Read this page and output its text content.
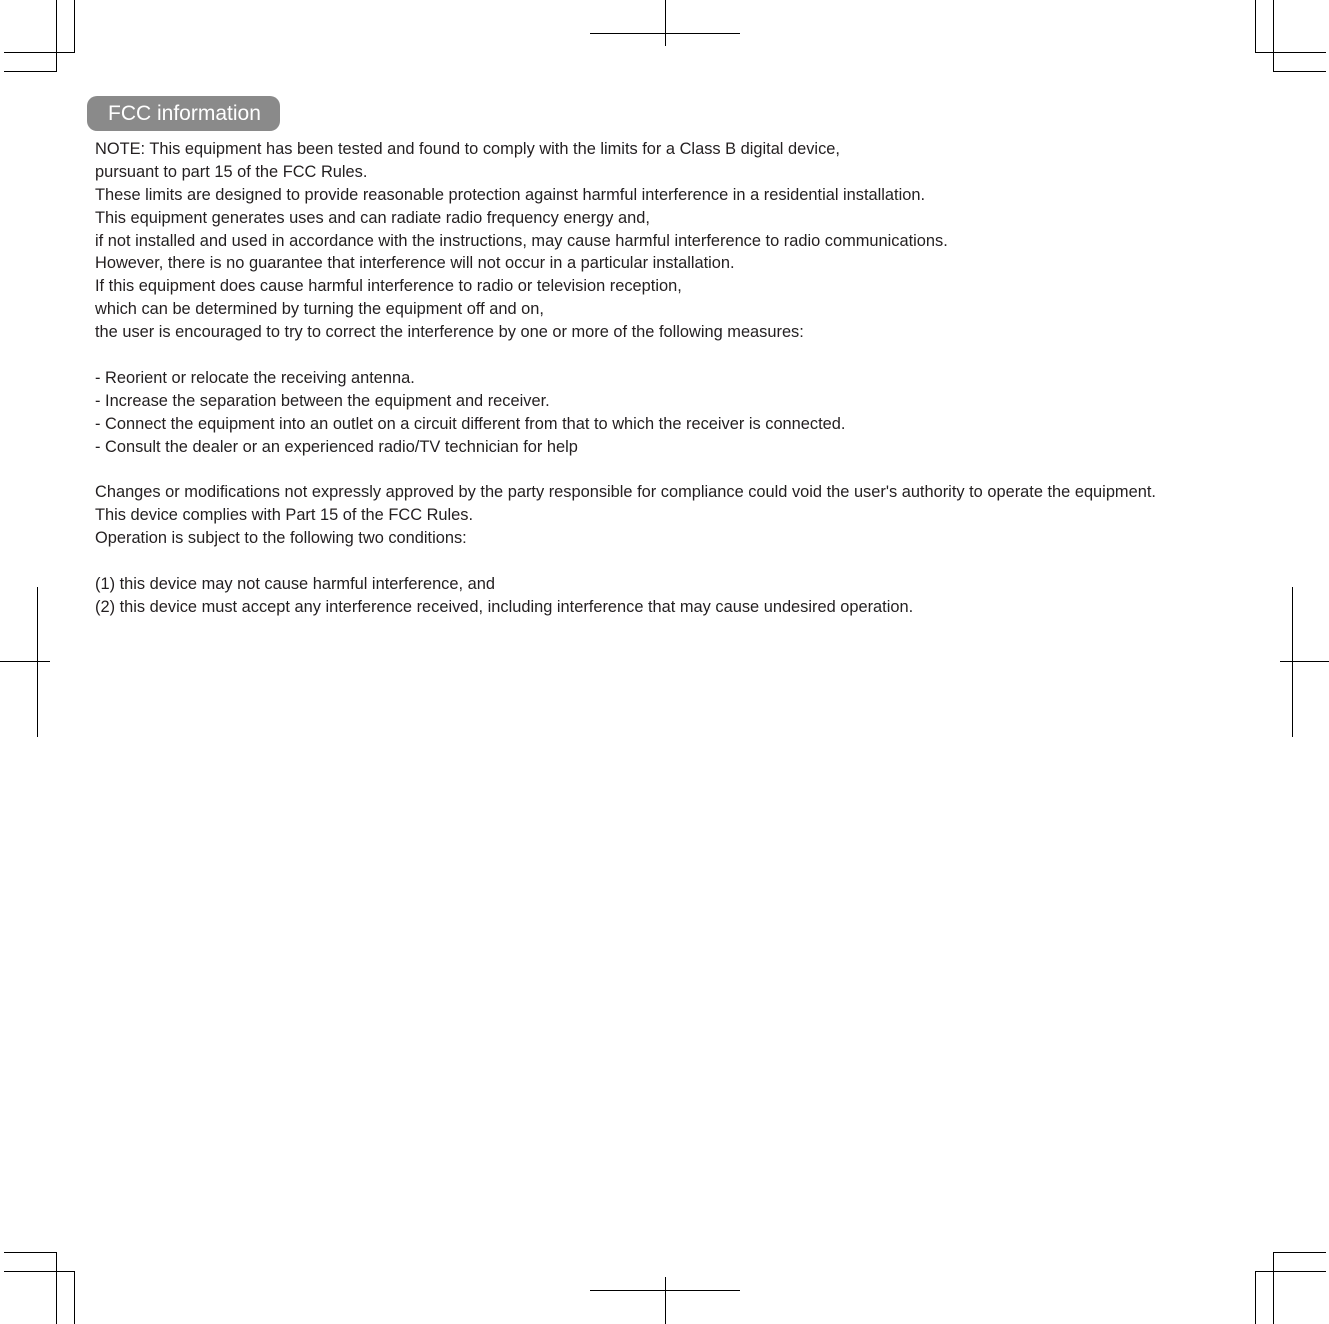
FCC information
NOTE: This equipment has been tested and found to comply with the limits for a Class B digital device,
pursuant to part 15 of the FCC Rules.
These limits are designed to provide reasonable protection against harmful interference in a residential installation.
This equipment generates uses and can radiate radio frequency energy and,
if not installed and used in accordance with the instructions, may cause harmful interference to radio communications.
However, there is no guarantee that interference will not occur in a particular installation.
If this equipment does cause harmful interference to radio or television reception,
which can be determined by turning the equipment off and on,
the user is encouraged to try to correct the interference by one or more of the following measures:
- Reorient or relocate the receiving antenna.
- Increase the separation between the equipment and receiver.
- Connect the equipment into an outlet on a circuit different from that to which the receiver is connected.
- Consult the dealer or an experienced radio/TV technician for help
Changes or modifications not expressly approved by the party responsible for compliance could void the user's authority to operate the equipment.
This device complies with Part 15 of the FCC Rules.
Operation is subject to the following two conditions:
(1) this device may not cause harmful interference, and
(2) this device must accept any interference received, including interference that may cause undesired operation.
